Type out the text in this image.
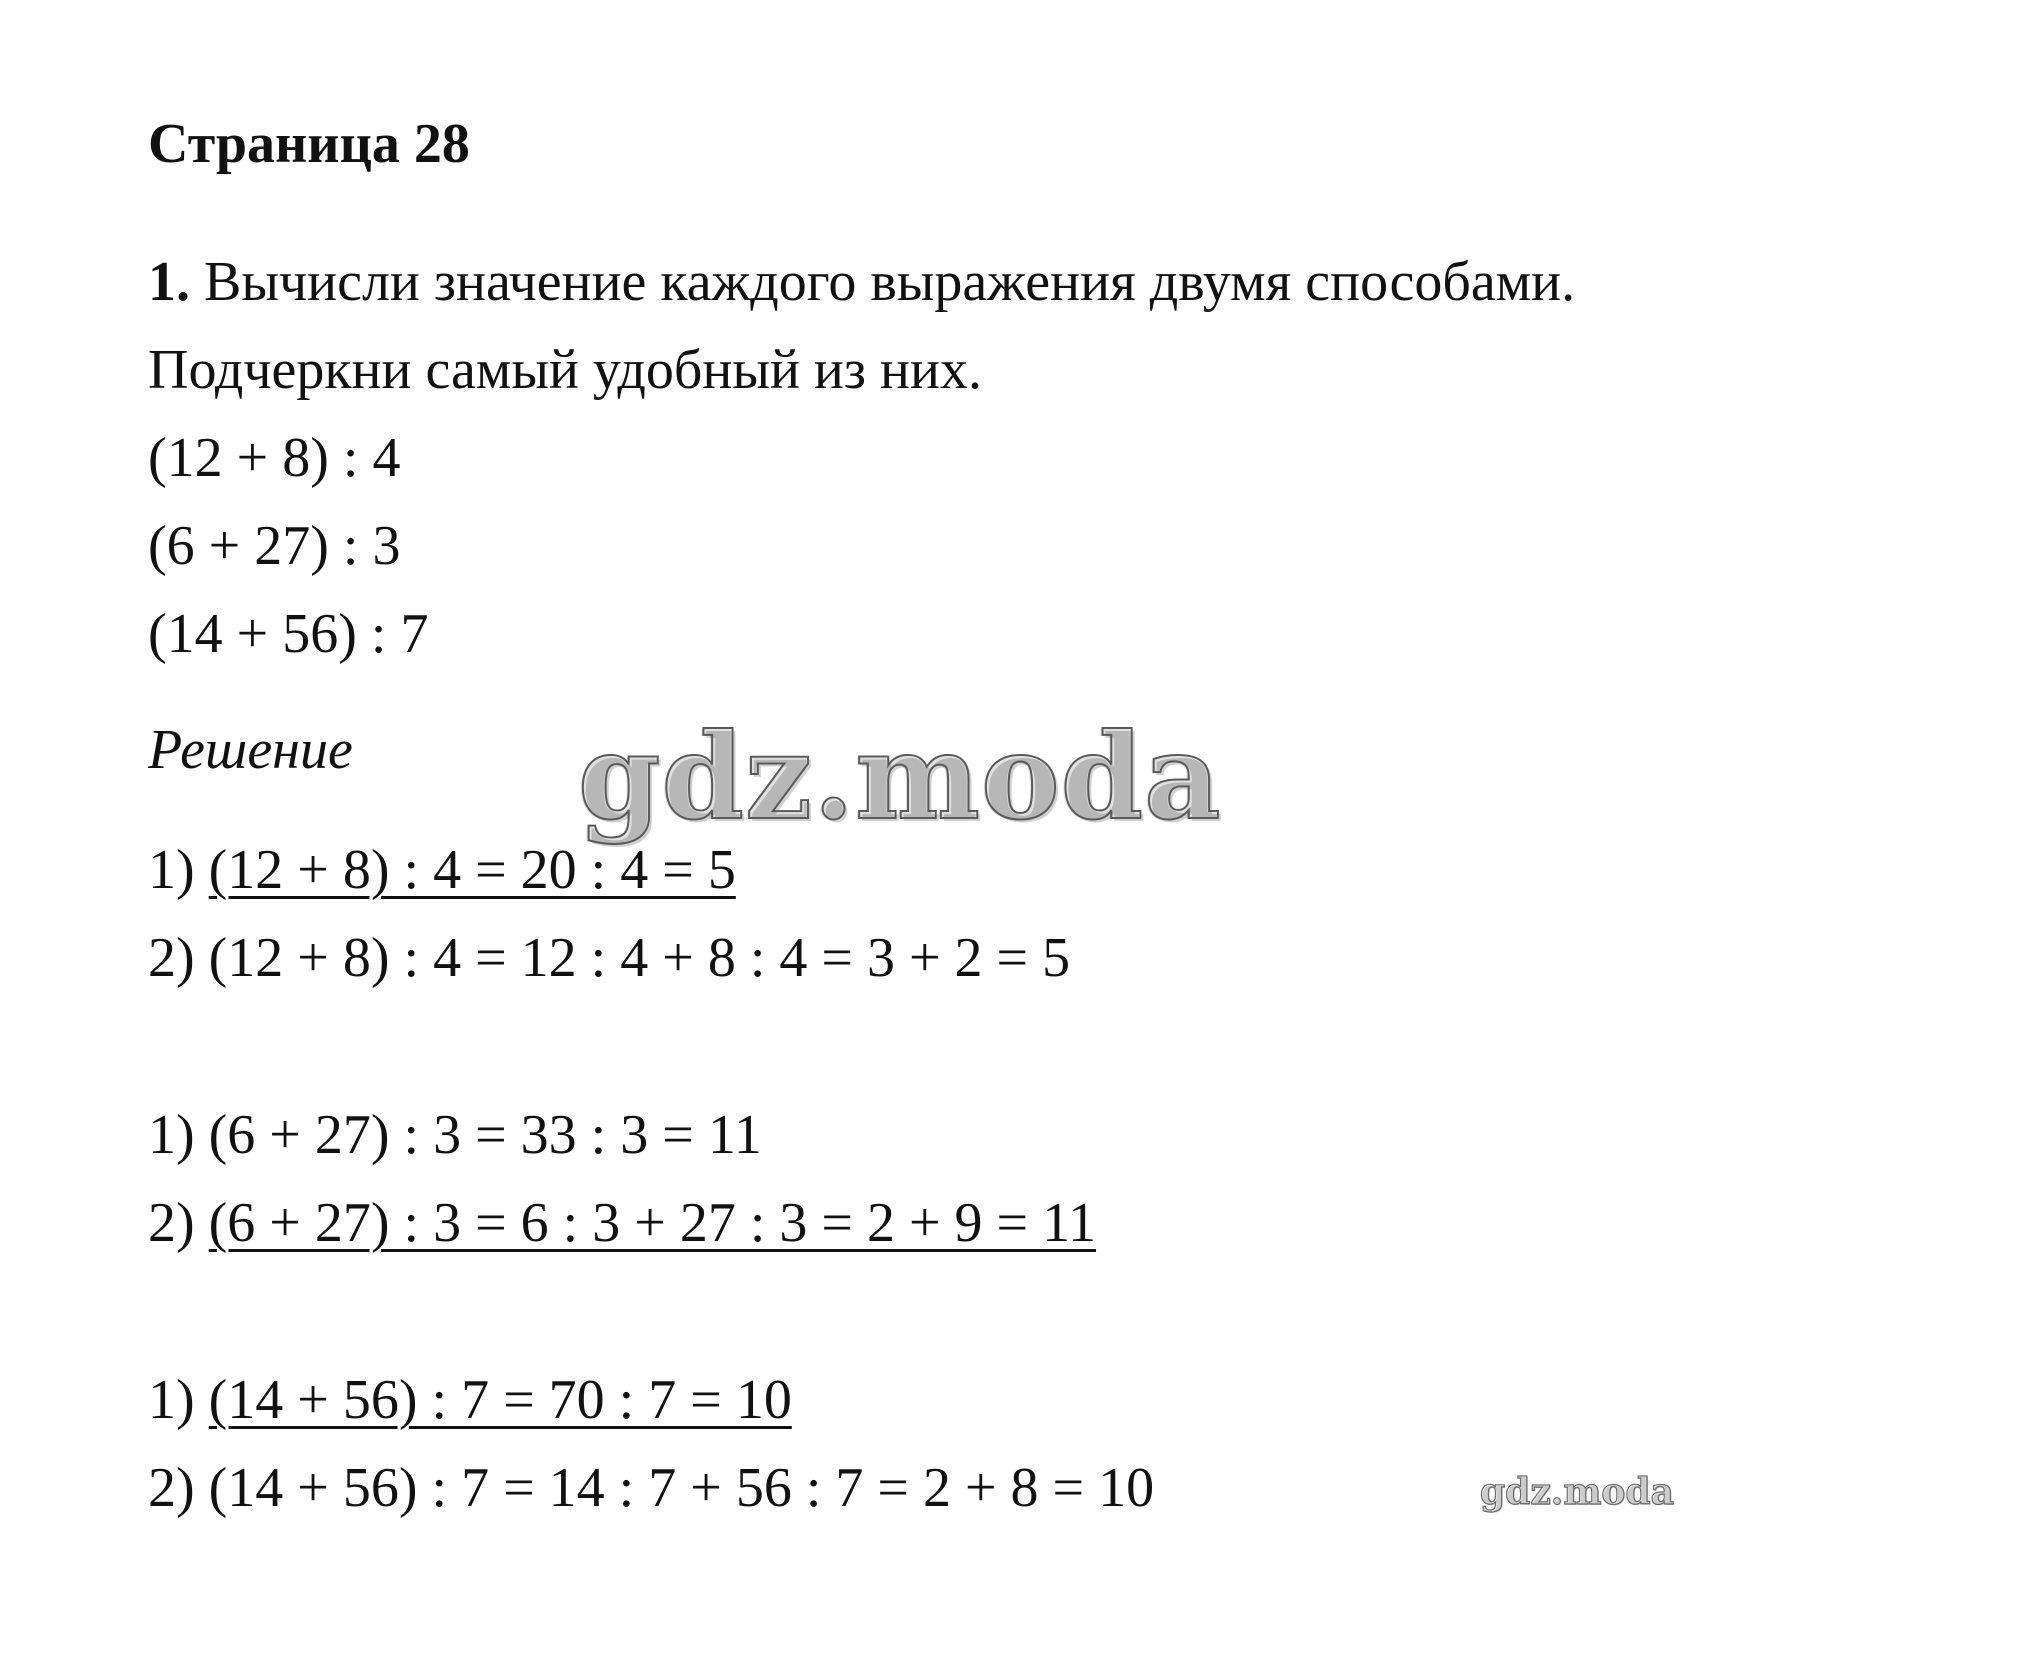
Страница 28
1. Вычисли значение каждого выражения двумя способами.
Подчеркни самый удобный из них.
(12 + 8) : 4
(6 + 27) : 3
(14 + 56) : 7
Решение
1) (12 + 8) : 4 = 20 : 4 = 5
2) (12 + 8) : 4 = 12 : 4 + 8 : 4 = 3 + 2 = 5
1) (6 + 27) : 3 = 33 : 3 = 11
2) (6 + 27) : 3 = 6 : 3 + 27 : 3 = 2 + 9 = 11
1) (14 + 56) : 7 = 70 : 7 = 10
2) (14 + 56) : 7 = 14 : 7 + 56 : 7 = 2 + 8 = 10
gdz.moda
gdz.moda
